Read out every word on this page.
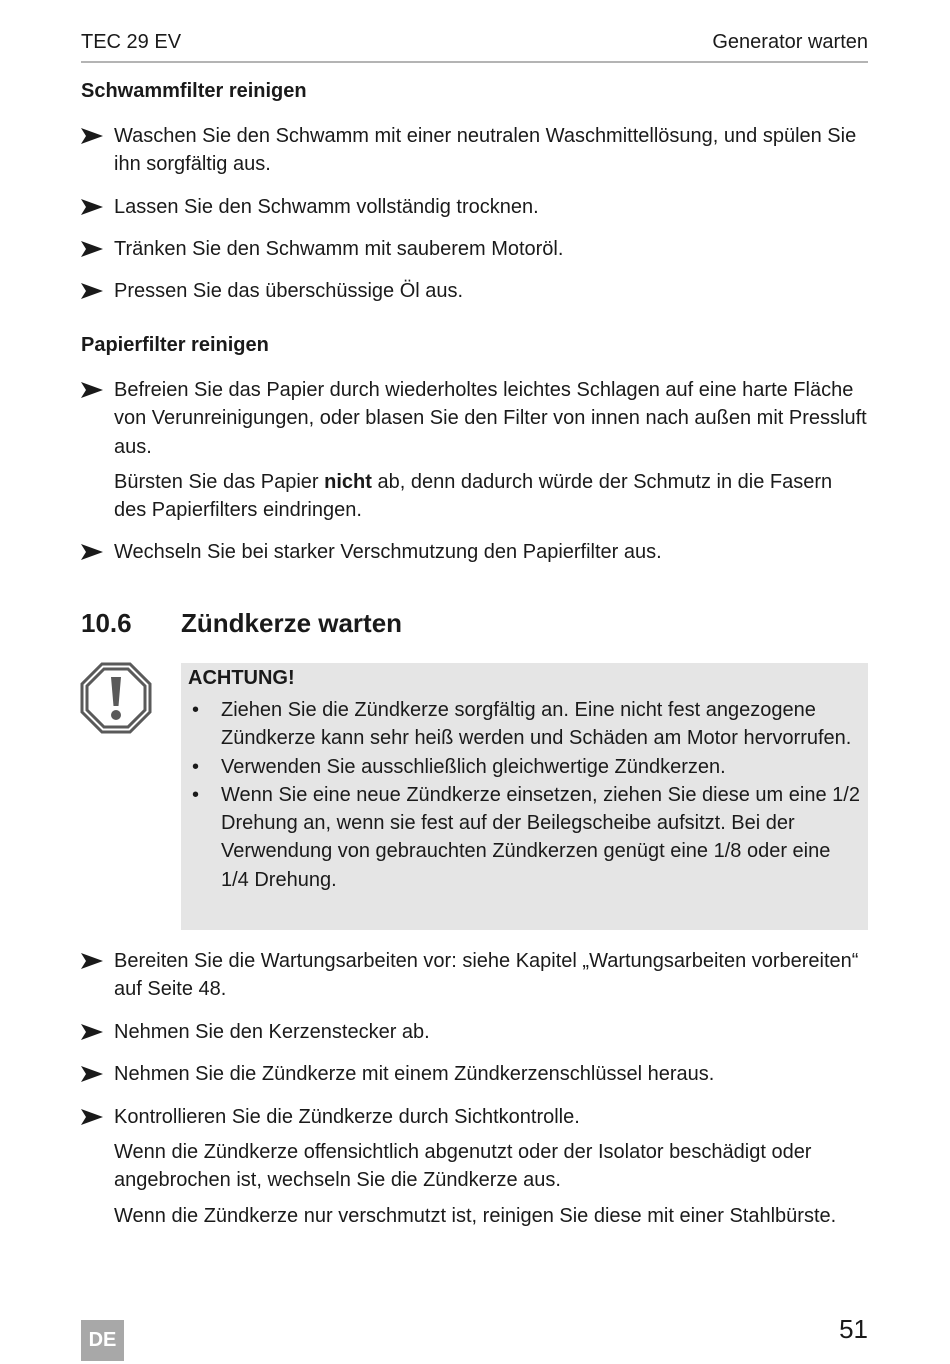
TEC 29 EV	Generator warten
Schwammfilter reinigen
Waschen Sie den Schwamm mit einer neutralen Waschmittellösung, und spülen Sie ihn sorgfältig aus.
Lassen Sie den Schwamm vollständig trocknen.
Tränken Sie den Schwamm mit sauberem Motoröl.
Pressen Sie das überschüssige Öl aus.
Papierfilter reinigen
Befreien Sie das Papier durch wiederholtes leichtes Schlagen auf eine harte Fläche von Verunreinigungen, oder blasen Sie den Filter von innen nach außen mit Pressluft aus.
Bürsten Sie das Papier nicht ab, denn dadurch würde der Schmutz in die Fasern des Papierfilters eindringen.
Wechseln Sie bei starker Verschmutzung den Papierfilter aus.
10.6 Zündkerze warten
ACHTUNG!
• Ziehen Sie die Zündkerze sorgfältig an. Eine nicht fest angezogene Zündkerze kann sehr heiß werden und Schäden am Motor hervorrufen.
• Verwenden Sie ausschließlich gleichwertige Zündkerzen.
• Wenn Sie eine neue Zündkerze einsetzen, ziehen Sie diese um eine 1/2 Drehung an, wenn sie fest auf der Beilegscheibe aufsitzt. Bei der Verwendung von gebrauchten Zündkerzen genügt eine 1/8 oder eine 1/4 Drehung.
Bereiten Sie die Wartungsarbeiten vor: siehe Kapitel „Wartungsarbeiten vorbereiten“ auf Seite 48.
Nehmen Sie den Kerzenstecker ab.
Nehmen Sie die Zündkerze mit einem Zündkerzenschlüssel heraus.
Kontrollieren Sie die Zündkerze durch Sichtkontrolle.
Wenn die Zündkerze offensichtlich abgenutzt oder der Isolator beschädigt oder angebrochen ist, wechseln Sie die Zündkerze aus.
Wenn die Zündkerze nur verschmutzt ist, reinigen Sie diese mit einer Stahlbürste.
DE	51
